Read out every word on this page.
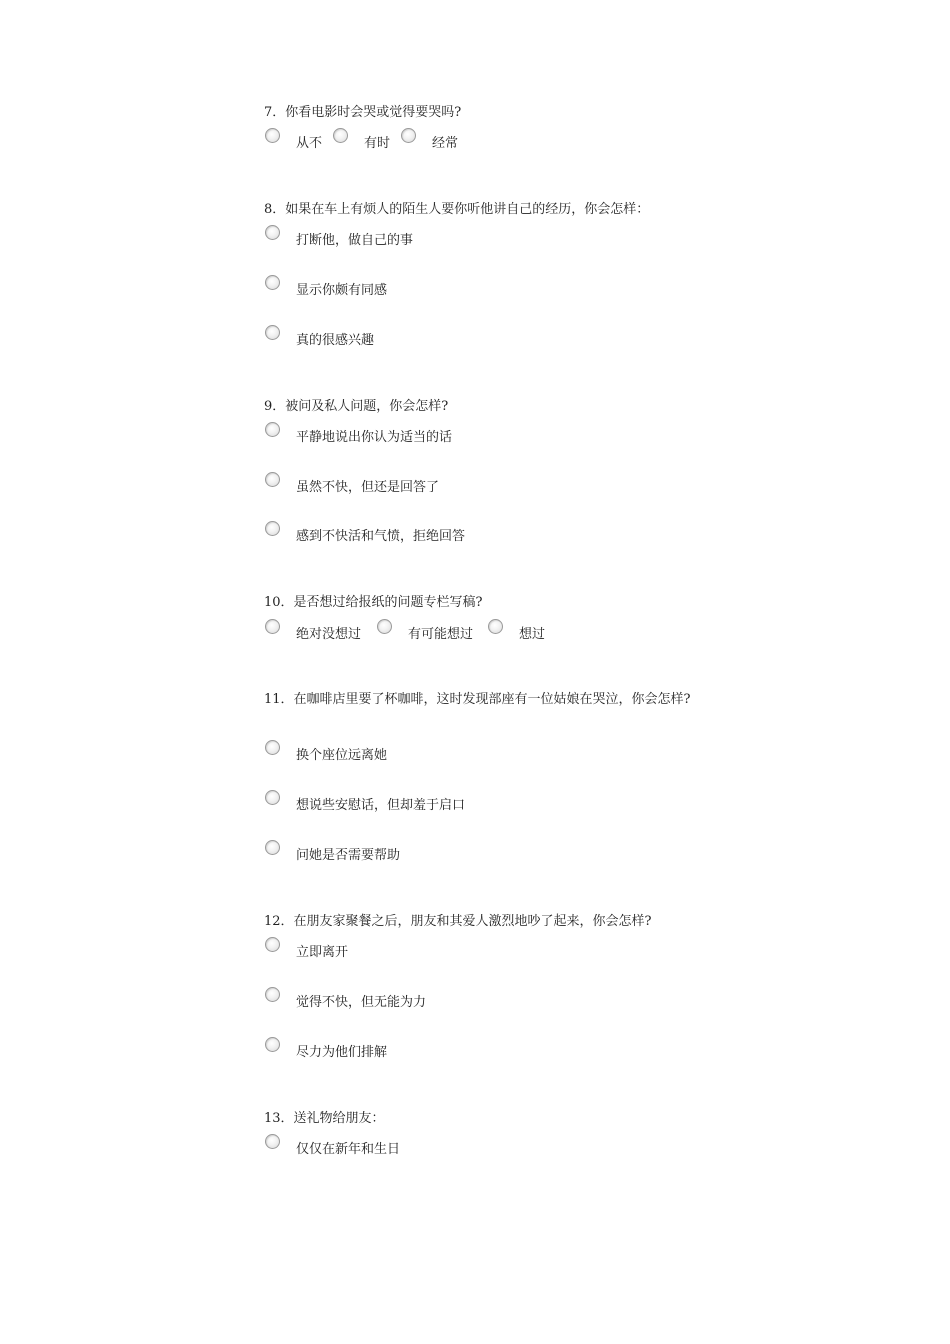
7．你看电影时会哭或觉得要哭吗?

从不	有时	经常

8．如果在车上有烦人的陌生人要你听他讲自己的经历，你会怎样：

打断他，做自己的事
显示你颇有同感
真的很感兴趣

9．被问及私人问题，你会怎样?

平静地说出你认为适当的话
虽然不快，但还是回答了
感到不快活和气愤，拒绝回答

10．是否想过给报纸的问题专栏写稿?

绝对没想过	有可能想过	想过

11．在咖啡店里要了杯咖啡，这时发现部座有一位姑娘在哭泣，你会怎样?

换个座位远离她
想说些安慰话，但却羞于启口
问她是否需要帮助

12．在朋友家聚餐之后，朋友和其爱人激烈地吵了起来，你会怎样?

立即离开
觉得不快，但无能为力
尽力为他们排解

13．送礼物给朋友：

仅仅在新年和生日
